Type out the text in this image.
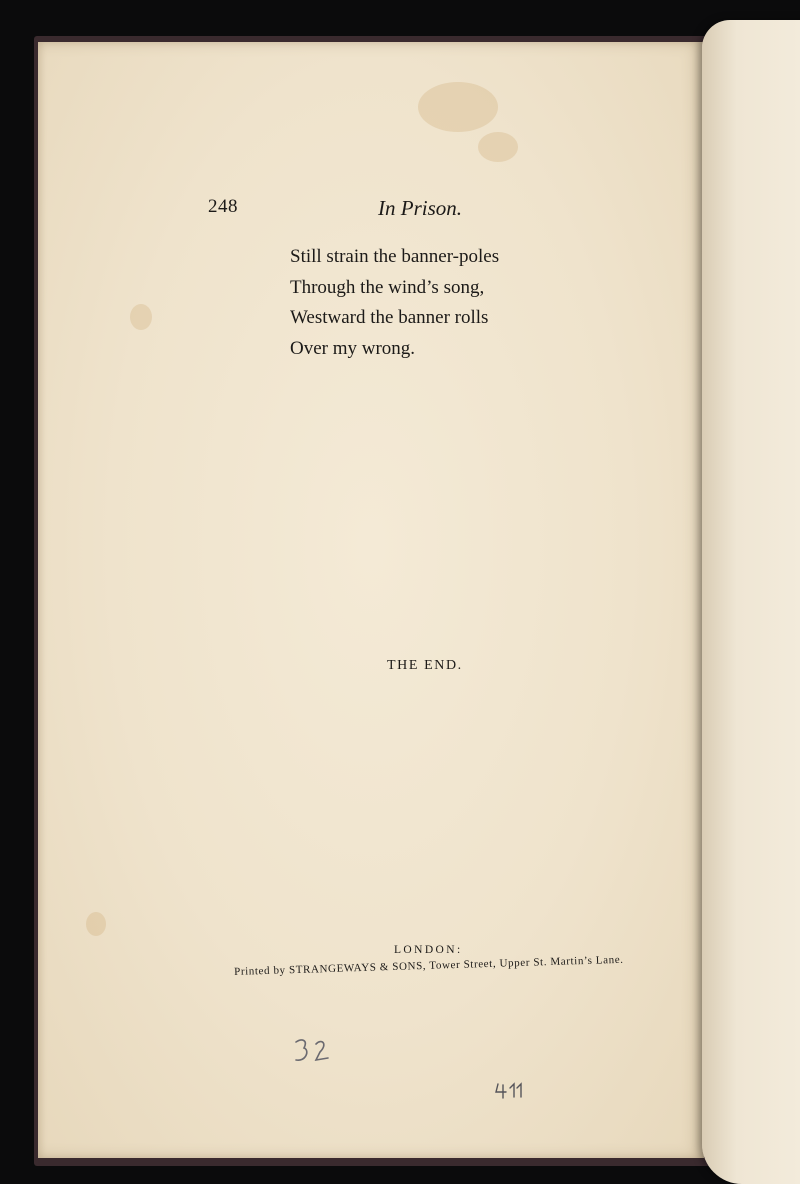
248	In Prison.
Still strain the banner-poles
Through the wind’s song,
Westward the banner rolls
Over my wrong.
THE END.
LONDON:
Printed by STRANGEWAYS & SONS, Tower Street, Upper St. Martin’s Lane.
